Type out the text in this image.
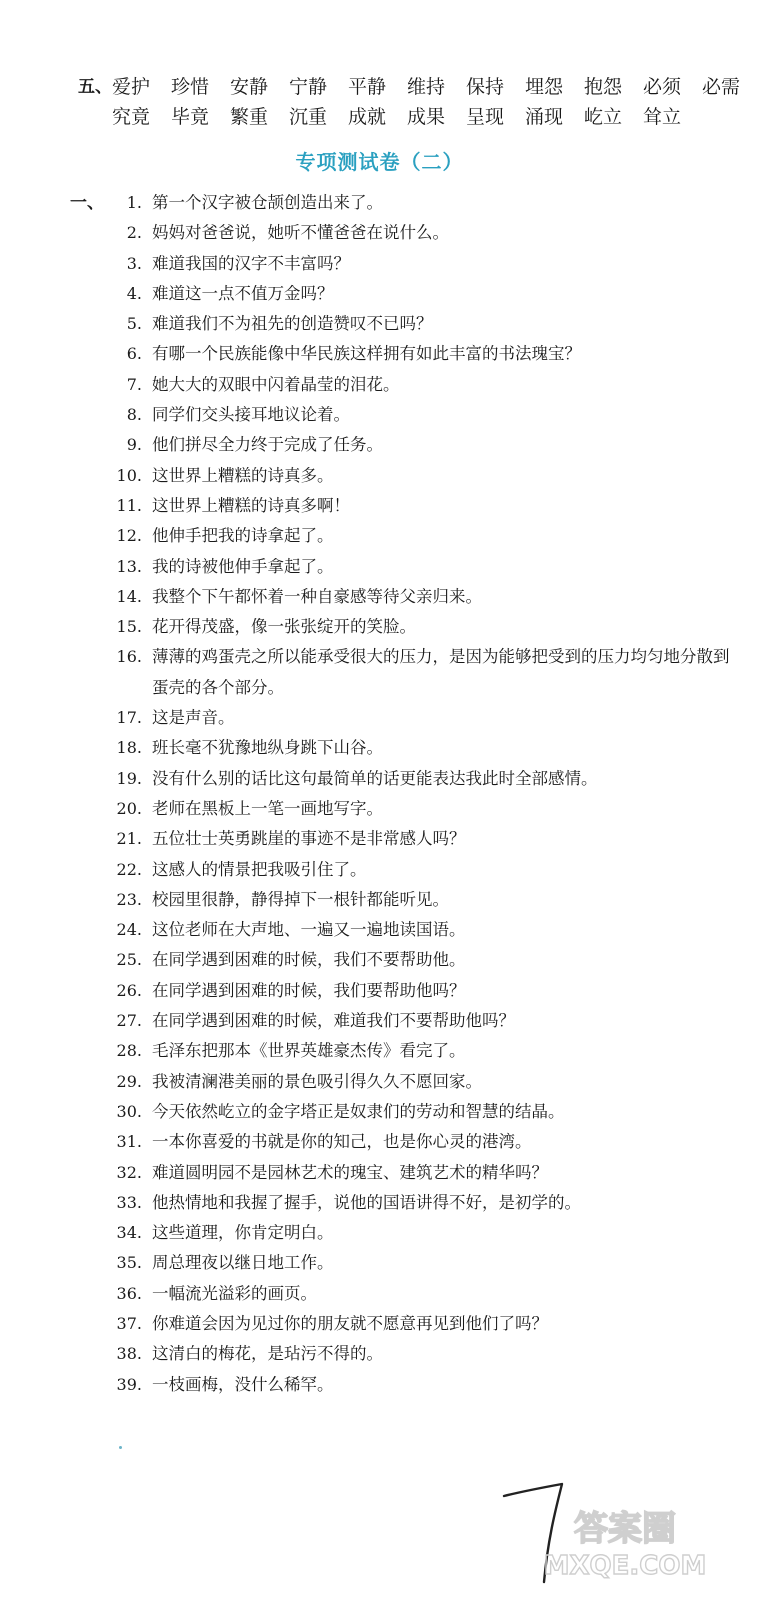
五、 爱护	珍惜	安静	宁静	平静	维持	保持	埋怨	抱怨	必须	必需
究竟	毕竟	繁重	沉重	成就	成果	呈现	涌现	屹立	耸立
专项测试卷（二）
一、	1. 第一个汉字被仓颉创造出来了。
2. 妈妈对爸爸说，她听不懂爸爸在说什么。
3. 难道我国的汉字不丰富吗？
4. 难道这一点不值万金吗？
5. 难道我们不为祖先的创造赞叹不已吗？
6. 有哪一个民族能像中华民族这样拥有如此丰富的书法瑰宝？
7. 她大大的双眼中闪着晶莹的泪花。
8. 同学们交头接耳地议论着。
9. 他们拼尽全力终于完成了任务。
10. 这世界上糟糕的诗真多。
11. 这世界上糟糕的诗真多啊！
12. 他伸手把我的诗拿起了。
13. 我的诗被他伸手拿起了。
14. 我整个下午都怀着一种自豪感等待父亲归来。
15. 花开得茂盛，像一张张绽开的笑脸。
16. 薄薄的鸡蛋壳之所以能承受很大的压力，是因为能够把受到的压力均匀地分散到蛋壳的各个部分。
17. 这是声音。
18. 班长毫不犹豫地纵身跳下山谷。
19. 没有什么别的话比这句最简单的话更能表达我此时全部感情。
20. 老师在黑板上一笔一画地写字。
21. 五位壮士英勇跳崖的事迹不是非常感人吗？
22. 这感人的情景把我吸引住了。
23. 校园里很静，静得掉下一根针都能听见。
24. 这位老师在大声地、一遍又一遍地读国语。
25. 在同学遇到困难的时候，我们不要帮助他。
26. 在同学遇到困难的时候，我们要帮助他吗？
27. 在同学遇到困难的时候，难道我们不要帮助他吗？
28. 毛泽东把那本《世界英雄豪杰传》看完了。
29. 我被清澜港美丽的景色吸引得久久不愿回家。
30. 今天依然屹立的金字塔正是奴隶们的劳动和智慧的结晶。
31. 一本你喜爱的书就是你的知己，也是你心灵的港湾。
32. 难道圆明园不是园林艺术的瑰宝、建筑艺术的精华吗？
33. 他热情地和我握了握手，说他的国语讲得不好，是初学的。
34. 这些道理，你肯定明白。
35. 周总理夜以继日地工作。
36. 一幅流光溢彩的画页。
37. 你难道会因为见过你的朋友就不愿意再见到他们了吗？
38. 这清白的梅花，是玷污不得的。
39. 一枝画梅，没什么稀罕。
答案圈
MXQE.COM
